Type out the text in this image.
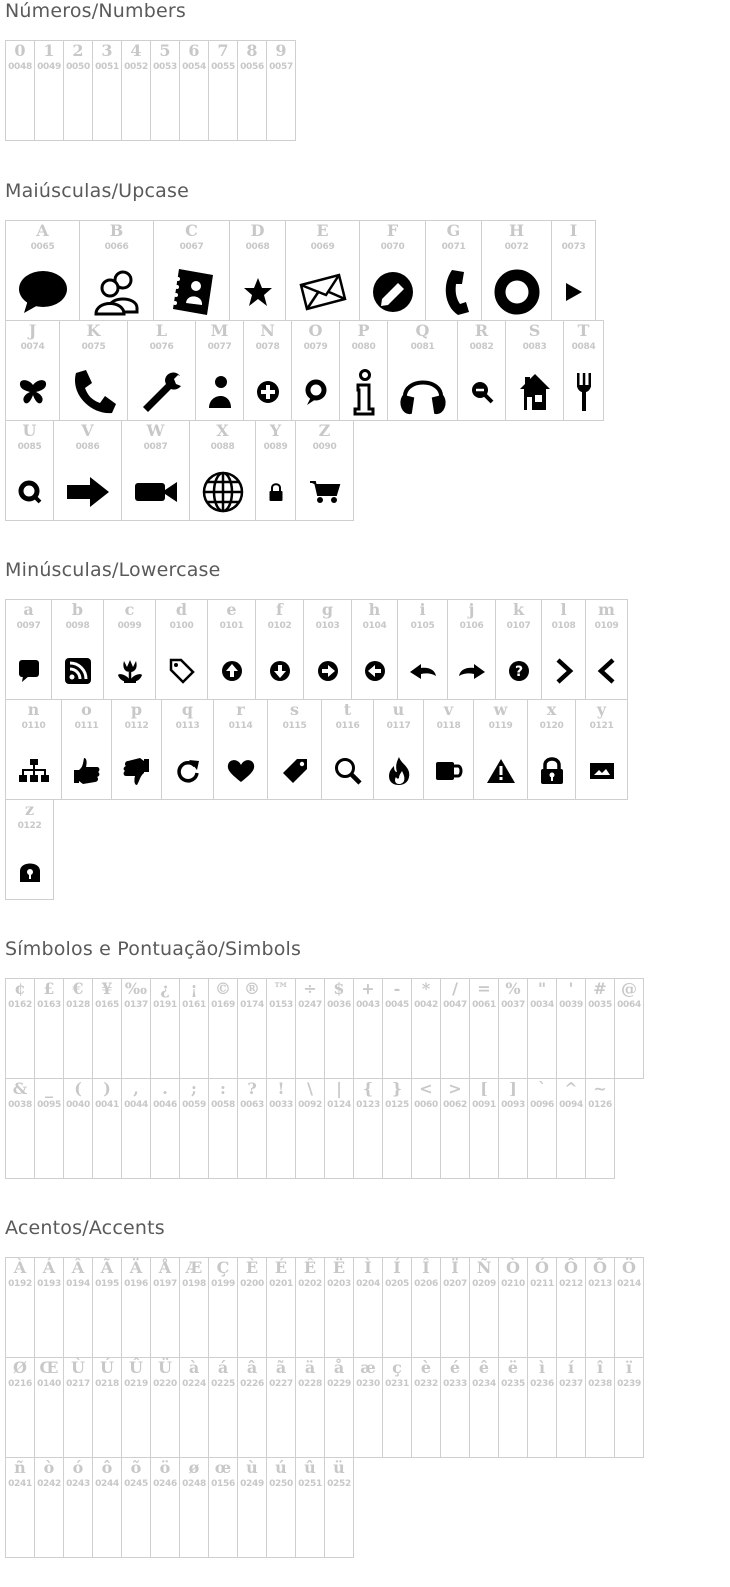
Números/Numbers
0
0048
1
0049
2
0050
3
0051
4
0052
5
0053
6
0054
7
0055
8
0056
9
0057
Maiúsculas/Upcase
A
0065
B
0066
C
0067
D
0068
E
0069
F
0070
G
0071
H
0072
I
0073
J
0074
K
0075
L
0076
M
0077
N
0078
O
0079
P
0080
Q
0081
R
0082
S
0083
T
0084
U
0085
V
0086
W
0087
X
0088
Y
0089
Z
0090
Minúsculas/Lowercase
a
0097
b
0098
c
0099
d
0100
e
0101
f
0102
g
0103
h
0104
i
0105
j
0106
k
0107
?
l
0108
m
0109
n
0110
o
0111
p
0112
q
0113
r
0114
s
0115
t
0116
u
0117
v
0118
w
0119
x
0120
y
0121
z
0122
Símbolos e Pontuação/Simbols
¢
0162
£
0163
€
0128
¥
0165
‰
0137
¿
0191
¡
0161
©
0169
®
0174
™
0153
÷
0247
$
0036
+
0043
-
0045
*
0042
/
0047
=
0061
%
0037
"
0034
'
0039
#
0035
@
0064
&
0038
_
0095
(
0040
)
0041
,
0044
.
0046
;
0059
:
0058
?
0063
!
0033
\
0092
|
0124
{
0123
}
0125
<
0060
>
0062
[
0091
]
0093
`
0096
^
0094
~
0126
Acentos/Accents
À
0192
Á
0193
Â
0194
Ã
0195
Ä
0196
Å
0197
Æ
0198
Ç
0199
È
0200
É
0201
Ê
0202
Ë
0203
Ì
0204
Í
0205
Î
0206
Ï
0207
Ñ
0209
Ò
0210
Ó
0211
Ô
0212
Õ
0213
Ö
0214
Ø
0216
Œ
0140
Ù
0217
Ú
0218
Û
0219
Ü
0220
à
0224
á
0225
â
0226
ã
0227
ä
0228
å
0229
æ
0230
ç
0231
è
0232
é
0233
ê
0234
ë
0235
ì
0236
í
0237
î
0238
ï
0239
ñ
0241
ò
0242
ó
0243
ô
0244
õ
0245
ö
0246
ø
0248
œ
0156
ù
0249
ú
0250
û
0251
ü
0252
